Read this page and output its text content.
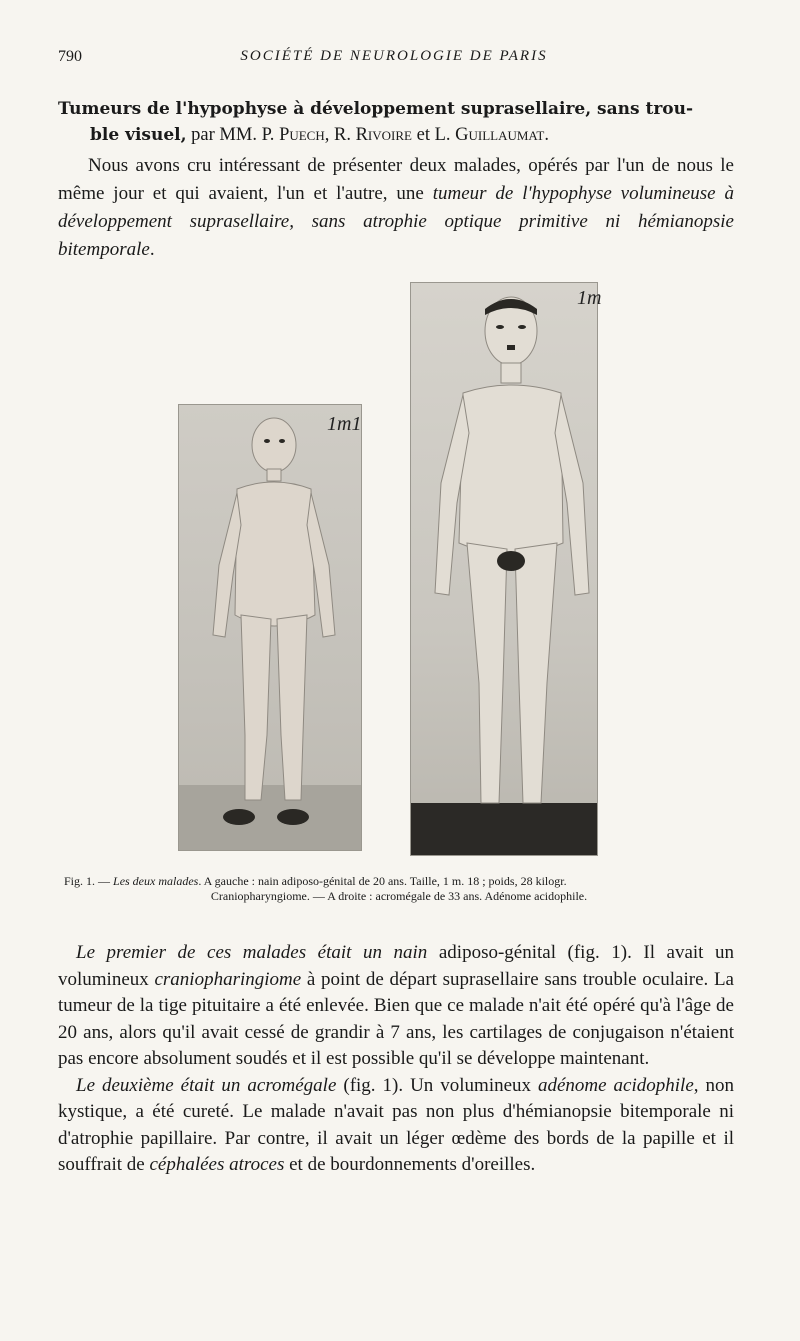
790	SOCIÉTÉ DE NEUROLOGIE DE PARIS
Tumeurs de l'hypophyse à développement suprasellaire, sans trou-
ble visuel, par MM. P. Puech, R. Rivoire et L. Guillaumat.
Nous avons cru intéressant de présenter deux malades, opérés par l'un de nous le même jour et qui avaient, l'un et l'autre, une tumeur de l'hypophyse volumineuse à développement suprasellaire, sans atrophie optique primitive ni hémianopsie bitemporale.
1m1
1m
Fig. 1. — Les deux malades. A gauche : nain adiposo-génital de 20 ans. Taille, 1 m. 18 ; poids, 28 kilogr.
Craniopharyngiome. — A droite : acromégale de 33 ans. Adénome acidophile.

Le premier de ces malades était un nain adiposo-génital (fig. 1). Il avait un volumineux craniopharingiome à point de départ suprasellaire sans trouble oculaire. La tumeur de la tige pituitaire a été enlevée. Bien que ce malade n'ait été opéré qu'à l'âge de 20 ans, alors qu'il avait cessé de grandir à 7 ans, les cartilages de conjugaison n'étaient pas encore absolument soudés et il est possible qu'il se développe maintenant.

Le deuxième était un acromégale (fig. 1). Un volumineux adénome acidophile, non kystique, a été cureté. Le malade n'avait pas non plus d'hémianopsie bitemporale ni d'atrophie papillaire. Par contre, il avait un léger œdème des bords de la papille et il souffrait de céphalées atroces et de bourdonnements d'oreilles.
